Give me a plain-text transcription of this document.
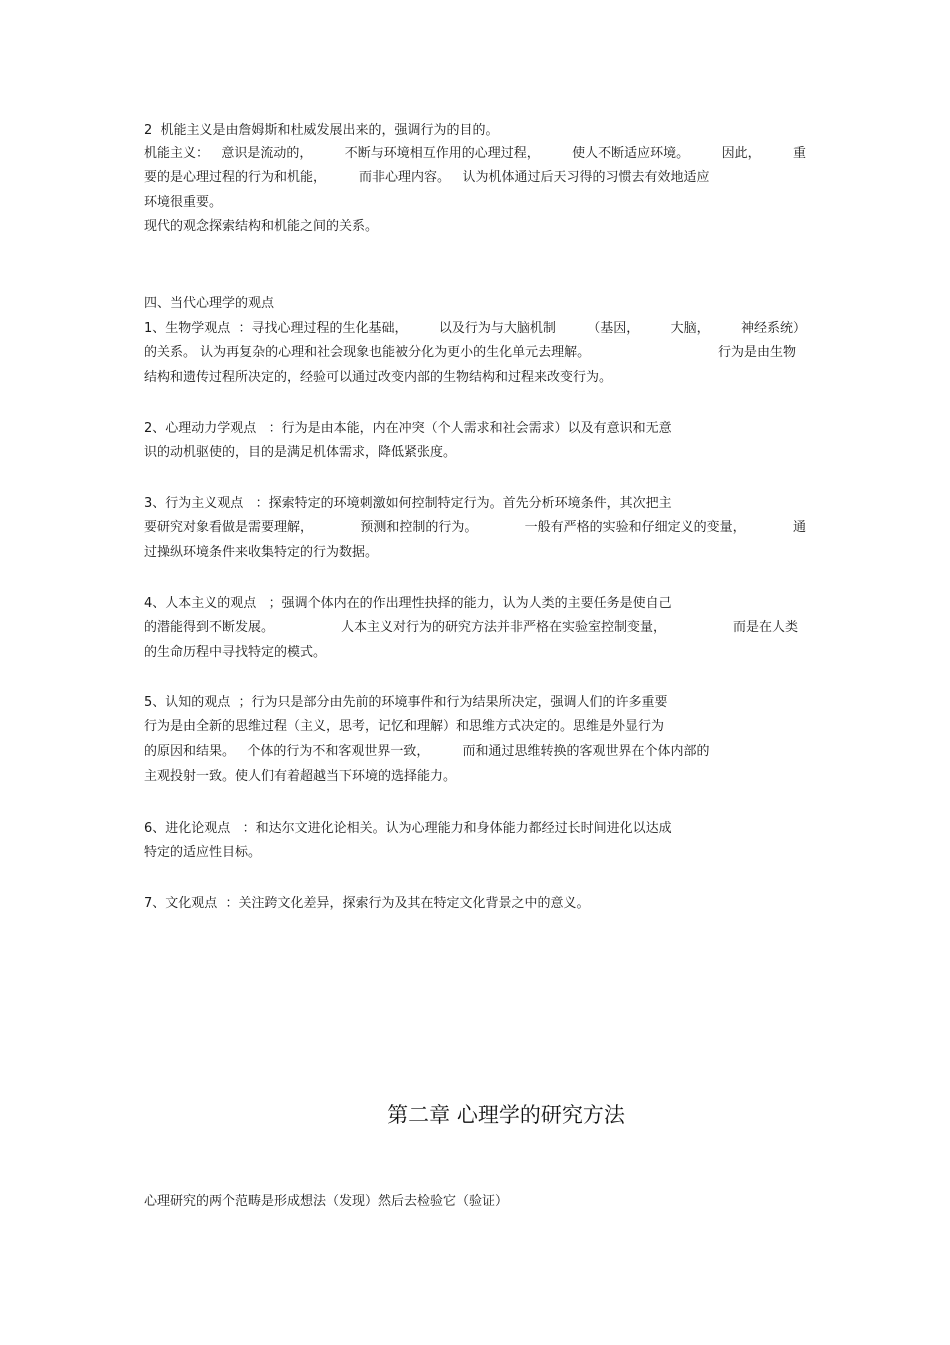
2  机能主义是由詹姆斯和杜威发展出来的，强调行为的目的。
机能主义：   意识是流动的， 不断与环境相互作用的心理过程， 使人不断适应环境。 因此， 重
要的是心理过程的行为和机能，        而非心理内容。   认为机体通过后天习得的习惯去有效地适应
环境很重要。
现代的观念探索结构和机能之间的关系。
四、当代心理学的观点
1、生物学观点  ：寻找心理过程的生化基础， 以及行为与大脑机制 （基因， 大脑， 神经系统）
的关系。 认为再复杂的心理和社会现象也能被分化为更小的生化单元去理解。	行为是由生物
结构和遗传过程所决定的，经验可以通过改变内部的生物结构和过程来改变行为。
2、心理动力学观点   ：行为是由本能，内在冲突（个人需求和社会需求）以及有意识和无意
识的动机驱使的，目的是满足机体需求，降低紧张度。
3、行为主义观点   ：探索特定的环境刺激如何控制特定行为。首先分析环境条件，其次把主
要研究对象看做是需要理解，	预测和控制的行为。	一般有严格的实验和仔细定义的变量，	通
过操纵环境条件来收集特定的行为数据。
4、人本主义的观点   ；强调个体内在的作出理性抉择的能力，认为人类的主要任务是使自己
的潜能得到不断发展。	人本主义对行为的研究方法并非严格在实验室控制变量，	而是在人类
的生命历程中寻找特定的模式。
5、认知的观点  ；行为只是部分由先前的环境事件和行为结果所决定，强调人们的许多重要
行为是由全新的思维过程（主义，思考，记忆和理解）和思维方式决定的。思维是外显行为
的原因和结果。   个体的行为不和客观世界一致，        而和通过思维转换的客观世界在个体内部的
主观投射一致。使人们有着超越当下环境的选择能力。
6、进化论观点   ：和达尔文进化论相关。认为心理能力和身体能力都经过长时间进化以达成
特定的适应性目标。
7、文化观点  ：关注跨文化差异，探索行为及其在特定文化背景之中的意义。
第二章 心理学的研究方法
心理研究的两个范畴是形成想法（发现）然后去检验它（验证）
